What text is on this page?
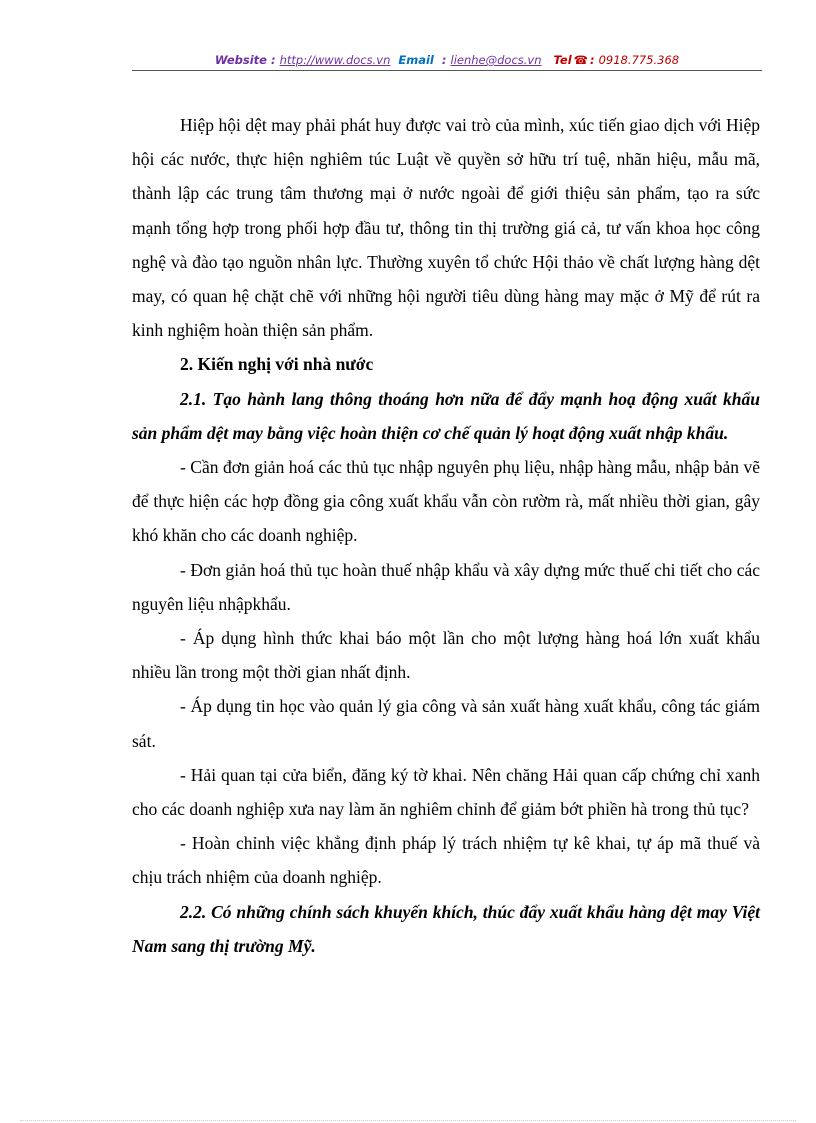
Website :
http://www.docs.vn Email
:
lienhe@docs.vn Tel ☎ :
0918.775.368

Hiệp hội dệt may phải phát huy được vai trò của mình, xúc tiến giao dịch với Hiệp hội các nước, thực hiện nghiêm túc Luật về quyền sở hữu trí tuệ, nhãn hiệu, mẫu mã, thành lập các trung tâm thương mại ở nước ngoài để giới thiệu sản phẩm, tạo ra sức mạnh tổng hợp trong phối hợp đầu tư, thông tin thị trường giá cả, tư vấn khoa học công nghệ và đào tạo nguồn nhân lực. Thường xuyên tổ chức Hội thảo về chất lượng hàng dệt may, có quan hệ chặt chẽ với những hội người tiêu dùng hàng may mặc ở Mỹ để rút ra kinh nghiệm hoàn thiện sản phẩm.

2. Kiến nghị với nhà nước

2.1. Tạo hành lang thông thoáng hơn nữa để đẩy mạnh hoạ động xuất khẩu sản phẩm dệt may bằng việc hoàn thiện cơ chế quản lý hoạt động xuất nhập khẩu.

- Cần đơn giản hoá các thủ tục nhập nguyên phụ liệu, nhập hàng mẫu, nhập bản vẽ để thực hiện các hợp đồng gia công xuất khẩu vẫn còn rườm rà, mất nhiều thời gian, gây khó khăn cho các doanh nghiệp.

- Đơn giản hoá thủ tục hoàn thuế nhập khẩu và xây dựng mức thuế chi tiết cho các nguyên liệu nhậpkhẩu.

- Áp dụng hình thức khai báo một lần cho một lượng hàng hoá lớn xuất khẩu nhiều lần trong một thời gian nhất định.

- Áp dụng tin học vào quản lý gia công và sản xuất hàng xuất khẩu, công tác giám sát.

- Hải quan tại cửa biển, đăng ký tờ khai. Nên chăng Hải quan cấp chứng chỉ xanh cho các doanh nghiệp xưa nay làm ăn nghiêm chỉnh để giảm bớt phiền hà trong thủ tục?

- Hoàn chỉnh việc khẳng định pháp lý trách nhiệm tự kê khai, tự áp mã thuế và chịu trách nhiệm của doanh nghiệp.

2.2. Có những chính sách khuyến khích, thúc đẩy xuất khẩu hàng dệt may Việt Nam sang thị trường Mỹ.
